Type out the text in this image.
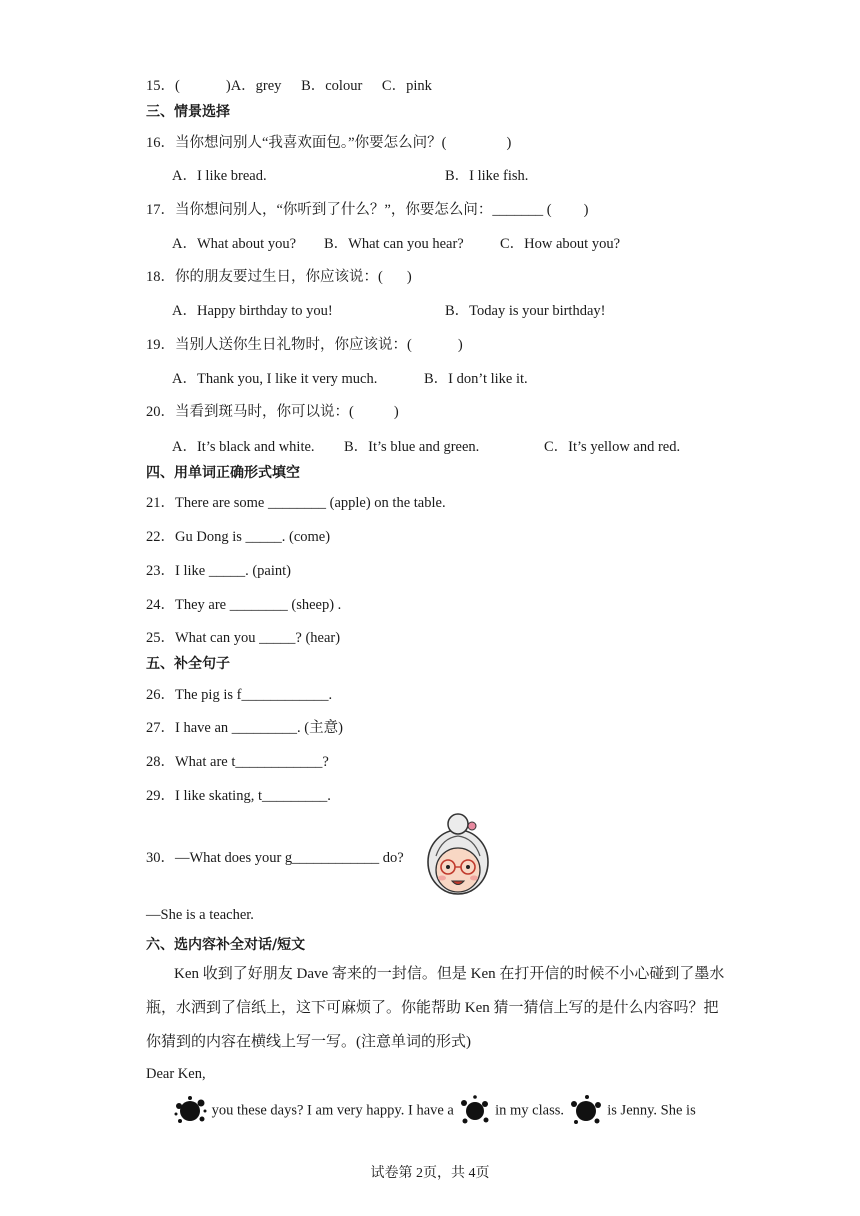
15．(	)A．grey B．colour C．pink
三、情景选择
16．当你想问别人“我喜欢面包。”你要怎么问？(	)
A．I like bread.	B．I like fish.
17．当你想问别人，“你听到了什么？”，你要怎么问：_______ ( )
A．What about you? B．What can you hear?	C．How about you?
18．你的朋友要过生日，你应该说：( )
A．Happy birthday to you!	B．Today is your birthday!
19．当别人送你生日礼物时，你应该说：(	)
A．Thank you, I like it very much.	B．I don’t like it.
20．当看到斑马时，你可以说：(	)
A．It’s black and white. B．It’s blue and green.	C．It’s yellow and red.
四、用单词正确形式填空
21．There are some ________ (apple) on the table.
22．Gu Dong is _____. (come)
23．I like _____. (paint)
24．They are ________ (sheep) .
25．What can you _____? (hear)
五、补全句子
26．The pig is f____________.
27．I have an _________. (主意)
28．What are t____________?
29．I like skating, t_________.
30．—What does your g____________ do?
—She is a teacher.
六、选内容补全对话/短文
Ken 收到了好朋友 Dave 寄来的一封信。但是 Ken 在打开信的时候不小心碰到了墨水瓶，水洒到了信纸上，这下可麻烦了。你能帮助 Ken 猜一猜信上写的是什么内容吗？把你猜到的内容在横线上写一写。(注意单词的形式)
Dear Ken,
you these days? I am very happy. I have a	in my class.	is Jenny. She is
试卷第 2页，共 4页
